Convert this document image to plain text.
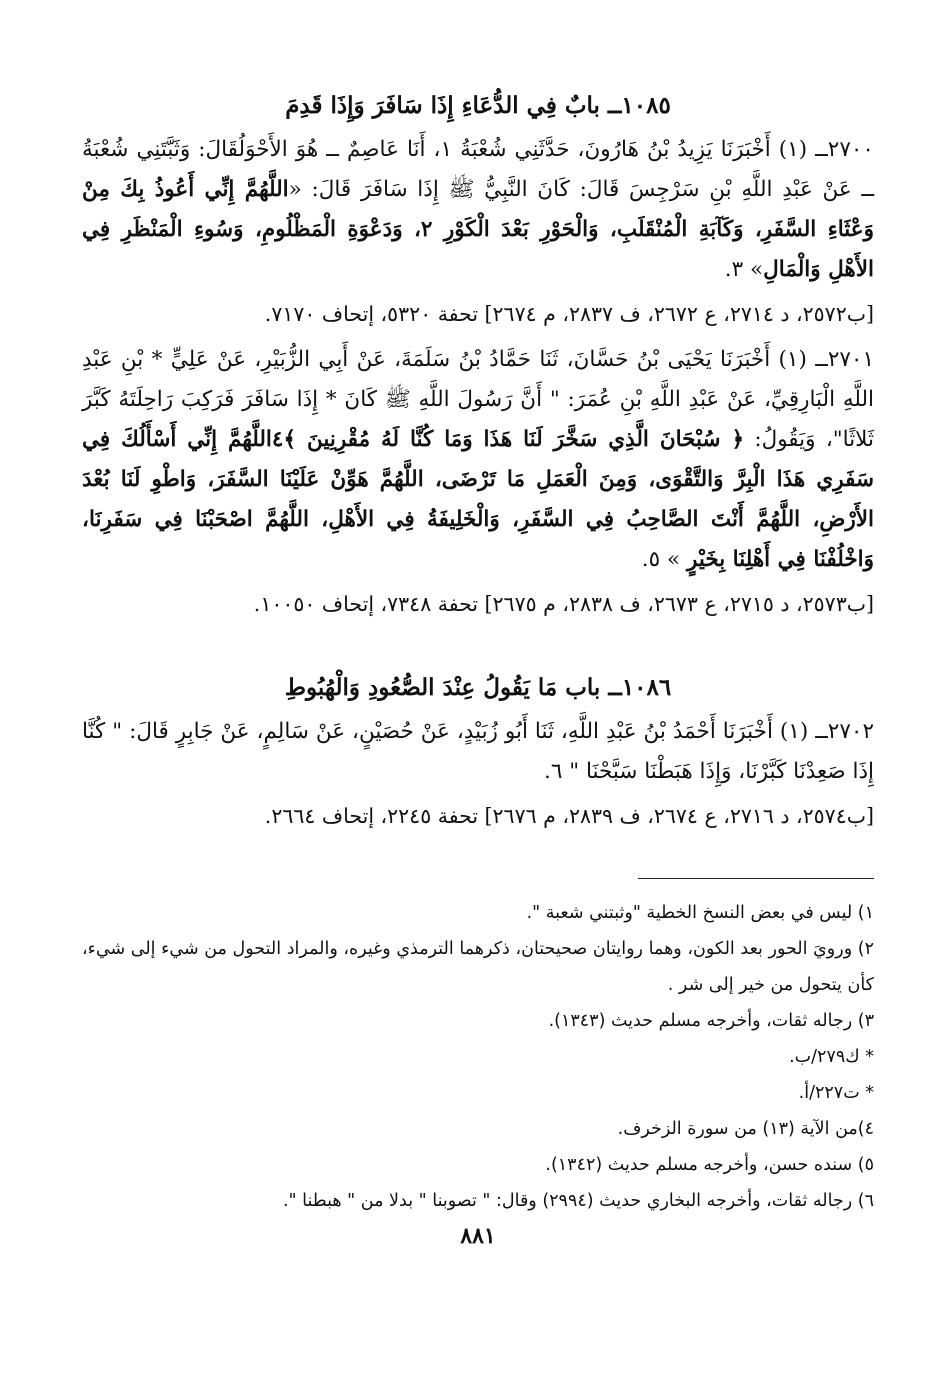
١٠٨٥ــ بابٌ فِي الدُّعَاءِ إِذَا سَافَرَ وَإِذَا قَدِمَ

٢٧٠٠ــ (١) أَخْبَرَنَا يَزِيدُ بْنُ هَارُونَ، حَدَّثَنِي شُعْبَةُ ١، أَنَا عَاصِمٌ ــ هُوَ الأَحْوَلُقَالَ: وَثَبَّتَنِي شُعْبَةُ ــ عَنْ عَبْدِ اللَّهِ بْنِ سَرْجِسَ قَالَ: كَانَ النَّبِيُّ ﷺ إِذَا سَافَرَ قَالَ: «اللَّهُمَّ إِنِّي أَعُوذُ بِكَ مِنْ وَعْثَاءِ السَّفَرِ، وَكَآبَةِ الْمُنْقَلَبِ، وَالْحَوْرِ بَعْدَ الْكَوْرِ ٢، وَدَعْوَةِ الْمَظْلُومِ، وَسُوءِ الْمَنْظَرِ فِي الأَهْلِ وَالْمَالِ» ٣.

[ب٢٥٧٢، د ٢٧١٤، ع ٢٦٧٢، ف ٢٨٣٧، م ٢٦٧٤] تحفة ٥٣٢٠، إتحاف ٧١٧٠.

٢٧٠١ــ (١) أَخْبَرَنَا يَحْيَى بْنُ حَسَّانَ، ثَنَا حَمَّادُ بْنُ سَلَمَةَ، عَنْ أَبِي الزُّبَيْرِ، عَنْ عَلِيٍّ * بْنِ عَبْدِ اللَّهِ الْبَارِقِيِّ، عَنْ عَبْدِ اللَّهِ بْنِ عُمَرَ: " أَنَّ رَسُولَ اللَّهِ ﷺ كَانَ * إِذَا سَافَرَ فَرَكِبَ رَاحِلَتَهُ كَبَّرَ ثَلاثًا"، وَيَقُولُ: ﴿ سُبْحَانَ الَّذِي سَخَّرَ لَنَا هَذَا وَمَا كُنَّا لَهُ مُقْرِنِينَ ﴾٤اللَّهُمَّ إِنِّي أَسْأَلُكَ فِي سَفَرِي هَذَا الْبِرَّ وَالتَّقْوَى، وَمِنَ الْعَمَلِ مَا تَرْضَى، اللَّهُمَّ هَوِّنْ عَلَيْنَا السَّفَرَ، وَاطْوِ لَنَا بُعْدَ الأَرْضِ، اللَّهُمَّ أَنْتَ الصَّاحِبُ فِي السَّفَرِ، وَالْخَلِيفَةُ فِي الأَهْلِ، اللَّهُمَّ اصْحَبْنَا فِي سَفَرِنَا، وَاخْلُفْنَا فِي أَهْلِنَا بِخَيْرٍ » ٥.

[ب٢٥٧٣، د ٢٧١٥، ع ٢٦٧٣، ف ٢٨٣٨، م ٢٦٧٥] تحفة ٧٣٤٨، إتحاف ١٠٠٥٠.

١٠٨٦ــ باب مَا يَقُولُ عِنْدَ الصُّعُودِ وَالْهُبُوطِ

٢٧٠٢ــ (١) أَخْبَرَنَا أَحْمَدُ بْنُ عَبْدِ اللَّهِ، ثَنَا أَبُو زُبَيْدٍ، عَنْ حُصَيْنٍ، عَنْ سَالِمٍ، عَنْ جَابِرٍ قَالَ: " كُنَّا إِذَا صَعِدْنَا كَبَّرْنَا، وَإِذَا هَبَطْنَا سَبَّحْنَا " ٦.

[ب٢٥٧٤، د ٢٧١٦، ع ٢٦٧٤، ف ٢٨٣٩، م ٢٦٧٦] تحفة ٢٢٤٥، إتحاف ٢٦٦٤.

١) ليس في بعض النسخ الخطية "وثبتني شعبة ".

٢) ورويَ الحور بعد الكون، وهما روايتان صحيحتان، ذكرهما الترمذي وغيره، والمراد التحول من شيء إلى شيء، كأن يتحول من خير إلى شر .

٣) رجاله ثقات، وأخرجه مسلم حديث (١٣٤٣).

* ك٢٧٩/ب.

* ت٢٢٧/أ.

٤)من الآية (١٣) من سورة الزخرف.

٥) سنده حسن، وأخرجه مسلم حديث (١٣٤٢).

٦) رجاله ثقات، وأخرجه البخاري حديث (٢٩٩٤) وقال: " تصوبنا " بدلا من " هبطنا ".

٨٨١
